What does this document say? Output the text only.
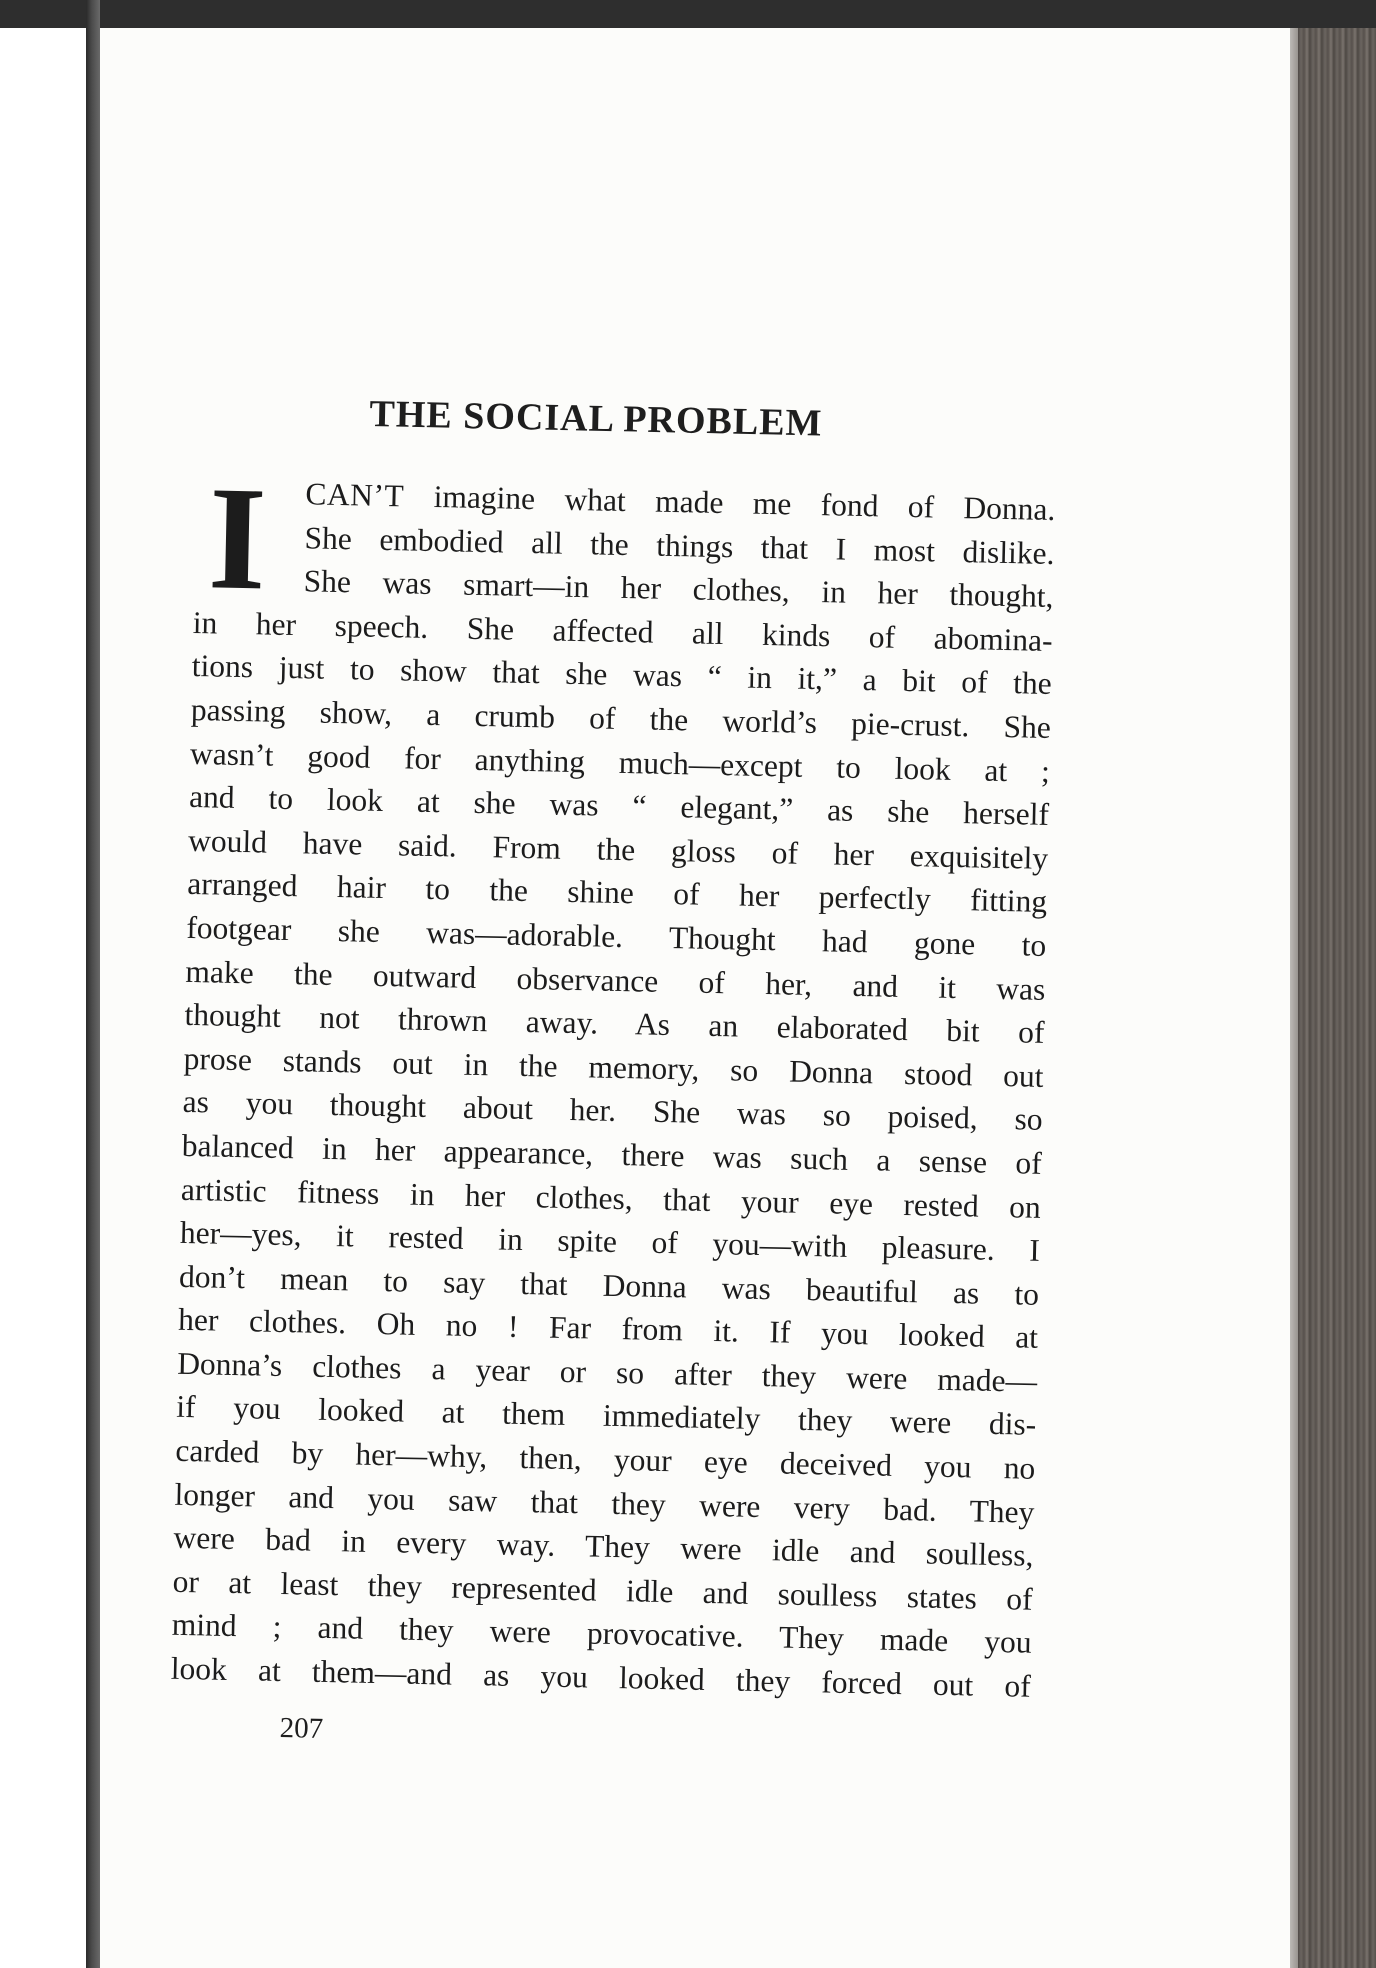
THE SOCIAL PROBLEM
I	CAN’T imagine what made me fond of Donna.
She embodied all the things that I most dislike.
She was smart—in her clothes, in her thought,
in her speech. She affected all kinds of abomina-
tions just to show that she was “ in it,” a bit of the
passing show, a crumb of the world’s pie-crust. She
wasn’t good for anything much—except to look at ;
and to look at she was “ elegant,” as she herself
would have said. From the gloss of her exquisitely
arranged hair to the shine of her perfectly fitting
footgear she was—adorable. Thought had gone to
make the outward observance of her, and it was
thought not thrown away. As an elaborated bit of
prose stands out in the memory, so Donna stood out
as you thought about her. She was so poised, so
balanced in her appearance, there was such a sense of
artistic fitness in her clothes, that your eye rested on
her—yes, it rested in spite of you—with pleasure. I
don’t mean to say that Donna was beautiful as to
her clothes. Oh no ! Far from it. If you looked at
Donna’s clothes a year or so after they were made—
if you looked at them immediately they were dis-
carded by her—why, then, your eye deceived you no
longer and you saw that they were very bad. They
were bad in every way. They were idle and soulless,
or at least they represented idle and soulless states of
mind ; and they were provocative. They made you
look at them—and as you looked they forced out of
207
